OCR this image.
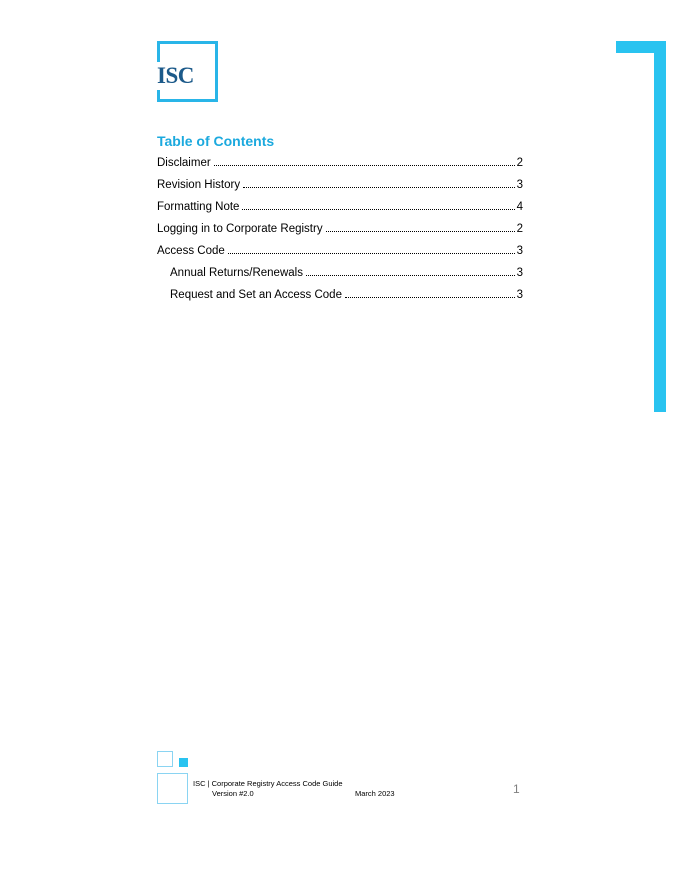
ISC
Table of Contents
Disclaimer	2
Revision History	3
Formatting Note	4
Logging in to Corporate Registry	2
Access Code	3
Annual Returns/Renewals	3
Request and Set an Access Code	3
ISC | Corporate Registry Access Code Guide
Version #2.0	March 2023	1
